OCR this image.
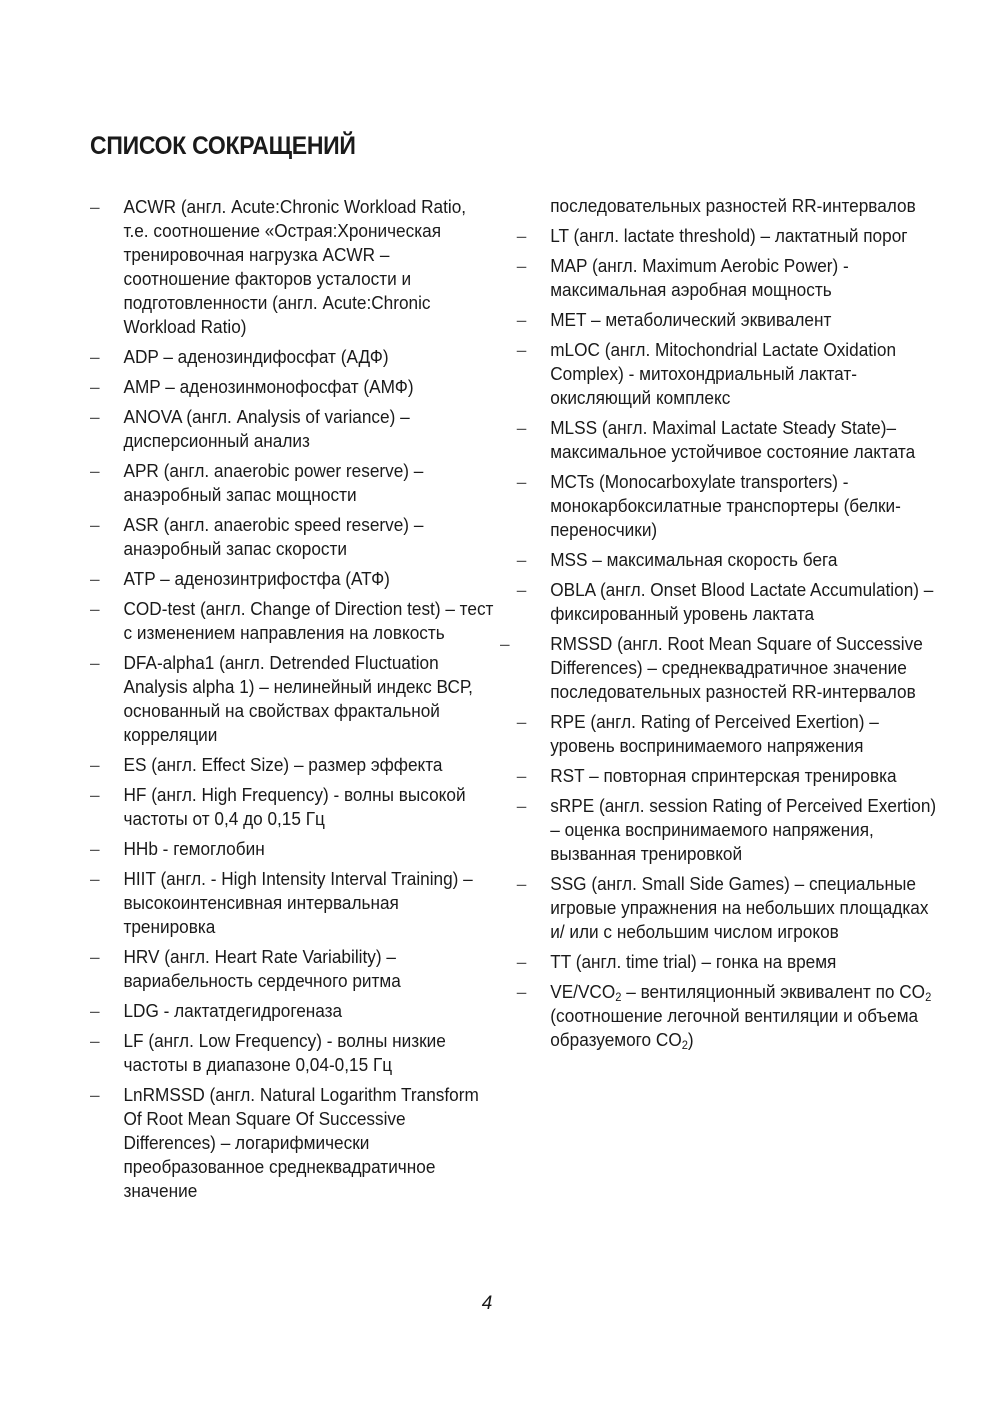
СПИСОК СОКРАЩЕНИЙ
– ACWR (англ. Acute:Chronic Workload Ratio, т.е. соотношение «Острая:Хроническая тренировочная нагрузка ACWR – соотношение факторов усталости и подготовленности (англ. Acute:Chronic Workload Ratio)
– ADP – аденозиндифосфат (АДФ)
– AMP – аденозинмонофосфат (АМФ)
– ANOVA (англ. Analysis of variance) – дисперсионный анализ
– APR (англ. anaerobic power reserve) – анаэробный запас мощности
– ASR (англ. anaerobic speed reserve) – анаэробный запас скорости
– ATP – аденозинтрифостфа (АТФ)
– COD-test (англ. Change of Direction test) – тест с изменением направления на ловкость
– DFA-alpha1 (англ. Detrended Fluctuation Analysis alpha 1) – нелинейный индекс ВСР, основанный на свойствах фрактальной корреляции
– ES (англ. Effect Size) – размер эффекта
– HF (англ. High Frequency) - волны высокой частоты от 0,4 до 0,15 Гц
– HHb - гемоглобин
– HIIT (англ. - High Intensity Interval Training) – высокоинтенсивная интервальная тренировка
– HRV (англ. Heart Rate Variability) – вариабельность сердечного ритма
– LDG - лактатдегидрогеназа
– LF (англ. Low Frequency) - волны низкие частоты в диапазоне 0,04-0,15 Гц
– LnRMSSD (англ. Natural Logarithm Transform Of Root Mean Square Of Successive Differences) – логарифмически преобразованное среднеквадратичное значение
последовательных разностей RR-интервалов
– LT (англ. lactate threshold) – лактатный порог
– MAP (англ. Maximum Aerobic Power) - максимальная аэробная мощность
– MET – метаболический эквивалент
– mLOC (англ. Mitochondrial Lactate Oxidation Complex) - митохондриальный лактат-окисляющий комплекс
– MLSS (англ. Maximal Lactate Steady State)– максимальное устойчивое состояние лактата
– MCTs (Monocarboxylate transporters) - монокарбоксилатные транспортеры (белки-переносчики)
– MSS – максимальная скорость бега
– OBLA (англ. Onset Blood Lactate Accumulation) – фиксированный уровень лактата
– RMSSD (англ. Root Mean Square of Successive Differences) – среднеквадратичное значение последовательных разностей RR-интервалов
– RPE (англ. Rating of Perceived Exertion) – уровень воспринимаемого напряжения
– RST – повторная спринтерская тренировка
– sRPE (англ. session Rating of Perceived Exertion) – оценка воспринимаемого напряжения, вызванная тренировкой
– SSG (англ. Small Side Games) – специальные игровые упражнения на небольших площадках и/ или с небольшим числом игроков
– TT (англ. time trial) – гонка на время
– $VE/VCO_2$ – вентиляционный эквивалент по $CO_2$ (соотношение легочной вентиляции и объема образуемого $CO_2$)
4
